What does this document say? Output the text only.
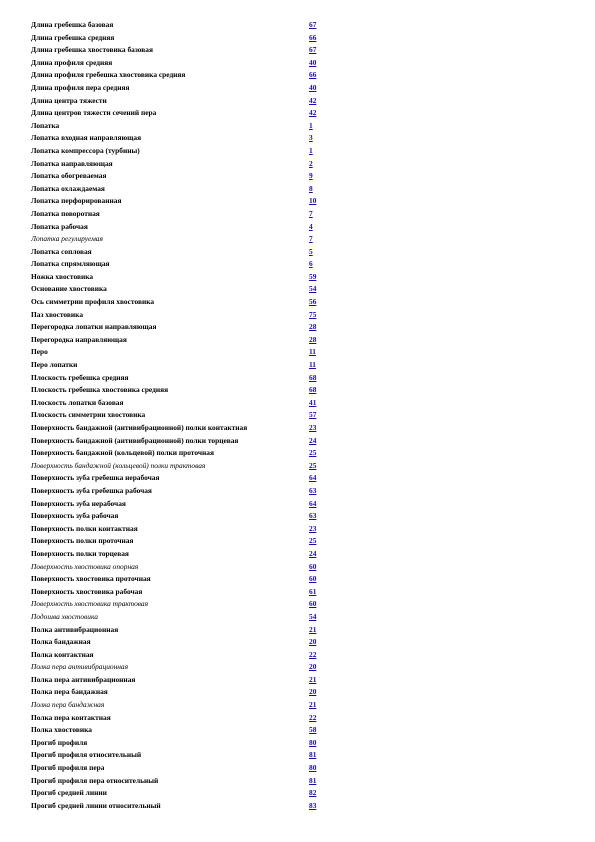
Длина гребешка базовая	67
Длина гребешка средняя	66
Длина гребешка хвостовика базовая	67
Длина профиля средняя	40
Длина профиля гребешка хвостовика средняя	66
Длина профиля пера средняя	40
Длина центра тяжести	42
Длина центров тяжести сечений пера	42
Лопатка	1
Лопатка входная направляющая	3
Лопатка компрессора (турбины)	1
Лопатка направляющая	2
Лопатка обогреваемая	9
Лопатка охлаждаемая	8
Лопатка перфорированная	10
Лопатка поворотная	7
Лопатка рабочая	4
Лопатка регулируемая	7
Лопатка сопловая	5
Лопатка спрямляющая	6
Ножка хвостовика	59
Основание хвостовика	54
Ось симметрии профиля хвостовика	56
Паз хвостовика	75
Перегородка лопатки направляющая	28
Перегородка направляющая	28
Перо	11
Перо лопатки	11
Плоскость гребешка средняя	68
Плоскость гребешка хвостовика средняя	68
Плоскость лопатки базовая	41
Плоскость симметрии хвостовика	57
Поверхность бандажной (антивибрационной) полки контактная	23
Поверхность бандажной (антивибрационной) полки торцевая	24
Поверхность бандажной (кольцевой) полки проточная	25
Поверхность бандажной (кольцевой) полки трактовая	25
Поверхность зуба гребешка нерабочая	64
Поверхность зуба гребешка рабочая	63
Поверхность зуба нерабочая	64
Поверхность зуба рабочая	63
Поверхность полки контактная	23
Поверхность полки проточная	25
Поверхность полки торцевая	24
Поверхность хвостовика опорная	60
Поверхность хвостовика проточная	60
Поверхность хвостовика рабочая	61
Поверхность хвостовика трактовая	60
Подошва хвостовика	54
Полка антивибрационная	21
Полка бандажная	20
Полка контактная	22
Полка пера антивибрационная	20
Полка пера антивибрационная	21
Полка пера бандажная	20
Полка пера бандажная	21
Полка пера контактная	22
Полка хвостовика	58
Прогиб профиля	80
Прогиб профиля относительный	81
Прогиб профиля пера	80
Прогиб профиля пера относительный	81
Прогиб средней линии	82
Прогиб средней линии относительный	83
